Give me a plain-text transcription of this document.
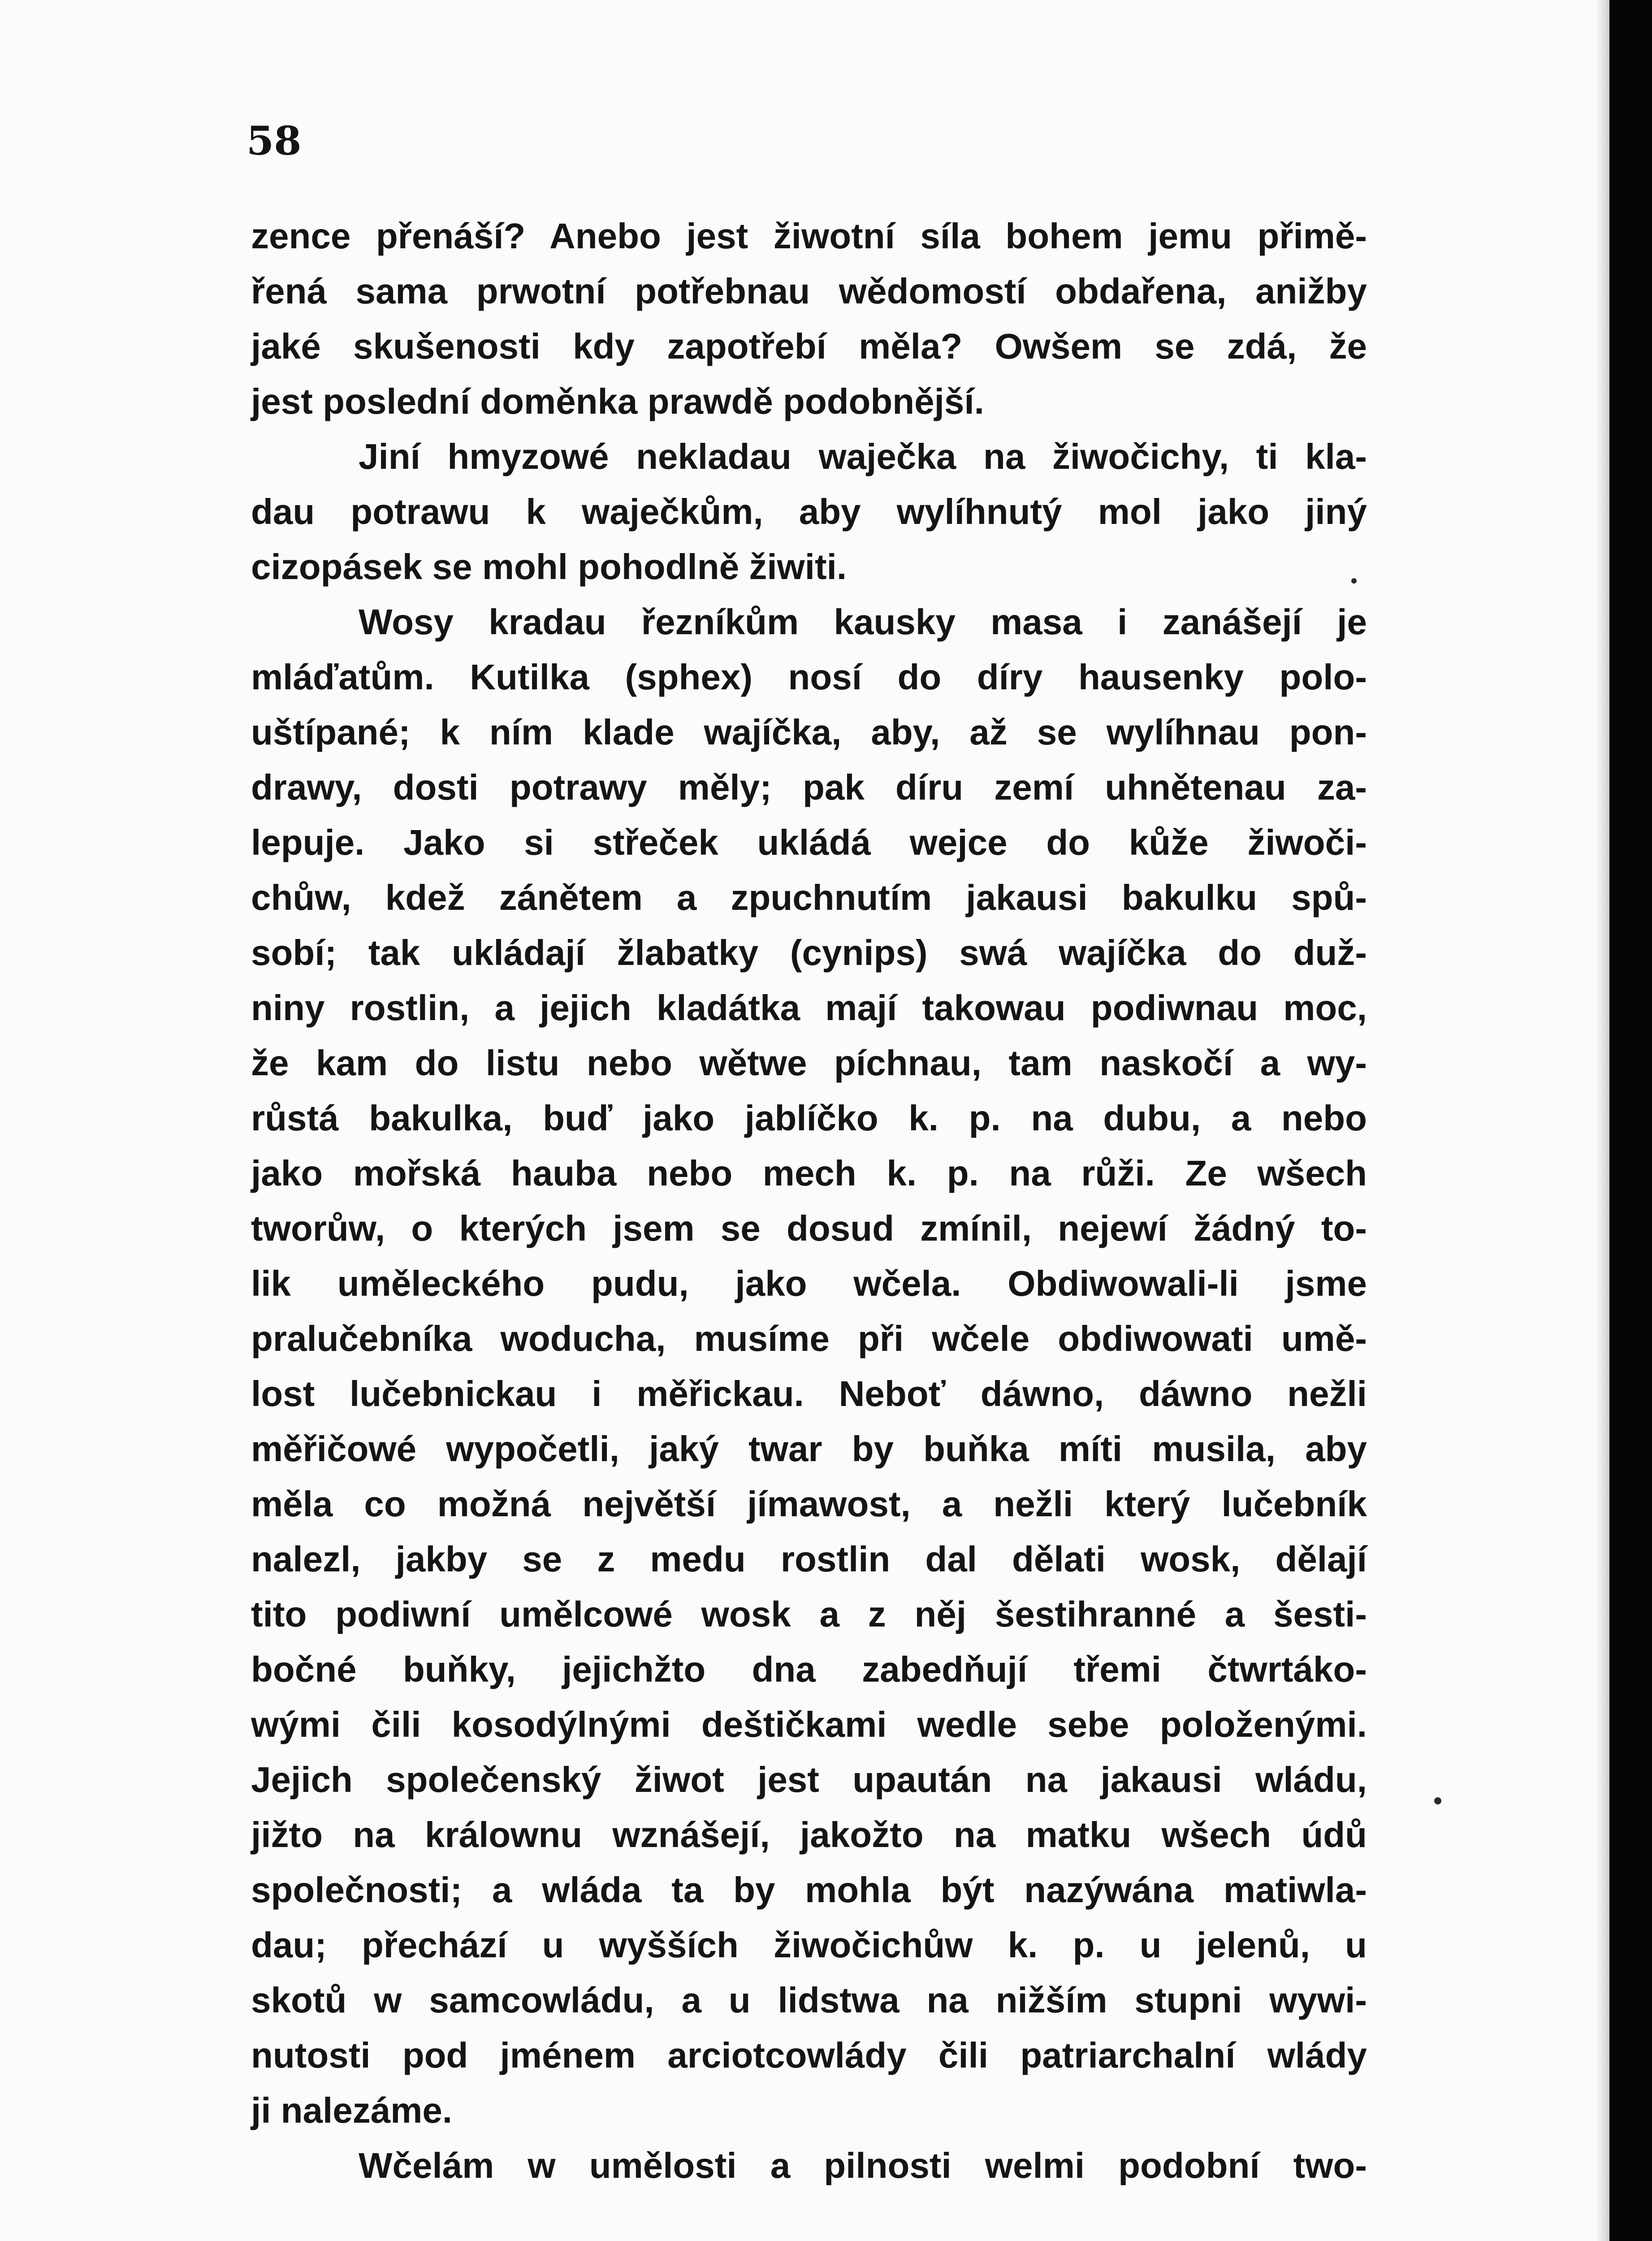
58
zence přenáší? Anebo jest žiwotní síla bohem jemu přimě-
řená sama prwotní potřebnau wědomostí obdařena, anižby
jaké skušenosti kdy zapotřebí měla? Owšem se zdá, že
jest poslední doměnka prawdě podobnější.
Jiní hmyzowé nekladau waječka na žiwočichy, ti kla-
dau potrawu k waječkům, aby wylíhnutý mol jako jiný
cizopásek se mohl pohodlně žiwiti.
Wosy kradau řezníkům kausky masa i zanášejí je
mláďatům. Kutilka (sphex) nosí do díry hausenky polo-
uštípané; k ním klade wajíčka, aby, až se wylíhnau pon-
drawy, dosti potrawy měly; pak díru zemí uhnětenau za-
lepuje. Jako si střeček ukládá wejce do kůže žiwoči-
chůw, kdež zánětem a zpuchnutím jakausi bakulku spů-
sobí; tak ukládají žlabatky (cynips) swá wajíčka do duž-
niny rostlin, a jejich kladátka mají takowau podiwnau moc,
že kam do listu nebo wětwe píchnau, tam naskočí a wy-
růstá bakulka, buď jako jablíčko k. p. na dubu, a nebo
jako mořská hauba nebo mech k. p. na růži. Ze wšech
tworůw, o kterých jsem se dosud zmínil, nejewí žádný to-
lik uměleckého pudu, jako wčela. Obdiwowali-li jsme
pralučebníka woducha, musíme při wčele obdiwowati umě-
lost lučebnickau i měřickau. Neboť dáwno, dáwno nežli
měřičowé wypočetli, jaký twar by buňka míti musila, aby
měla co možná největší jímawost, a nežli který lučebník
nalezl, jakby se z medu rostlin dal dělati wosk, dělají
tito podiwní umělcowé wosk a z něj šestihranné a šesti-
bočné buňky, jejichžto dna zabedňují třemi čtwrtáko-
wými čili kosodýlnými deštičkami wedle sebe položenými.
Jejich společenský žiwot jest upaután na jakausi wládu,
jižto na králownu wznášejí, jakožto na matku wšech údů
společnosti; a wláda ta by mohla být nazýwána matiwla-
dau; přechází u wyšších žiwočichůw k. p. u jelenů, u
skotů w samcowládu, a u lidstwa na nižším stupni wywi-
nutosti pod jménem arciotcowlády čili patriarchalní wlády
ji nalezáme.
Wčelám w umělosti a pilnosti welmi podobní two-
